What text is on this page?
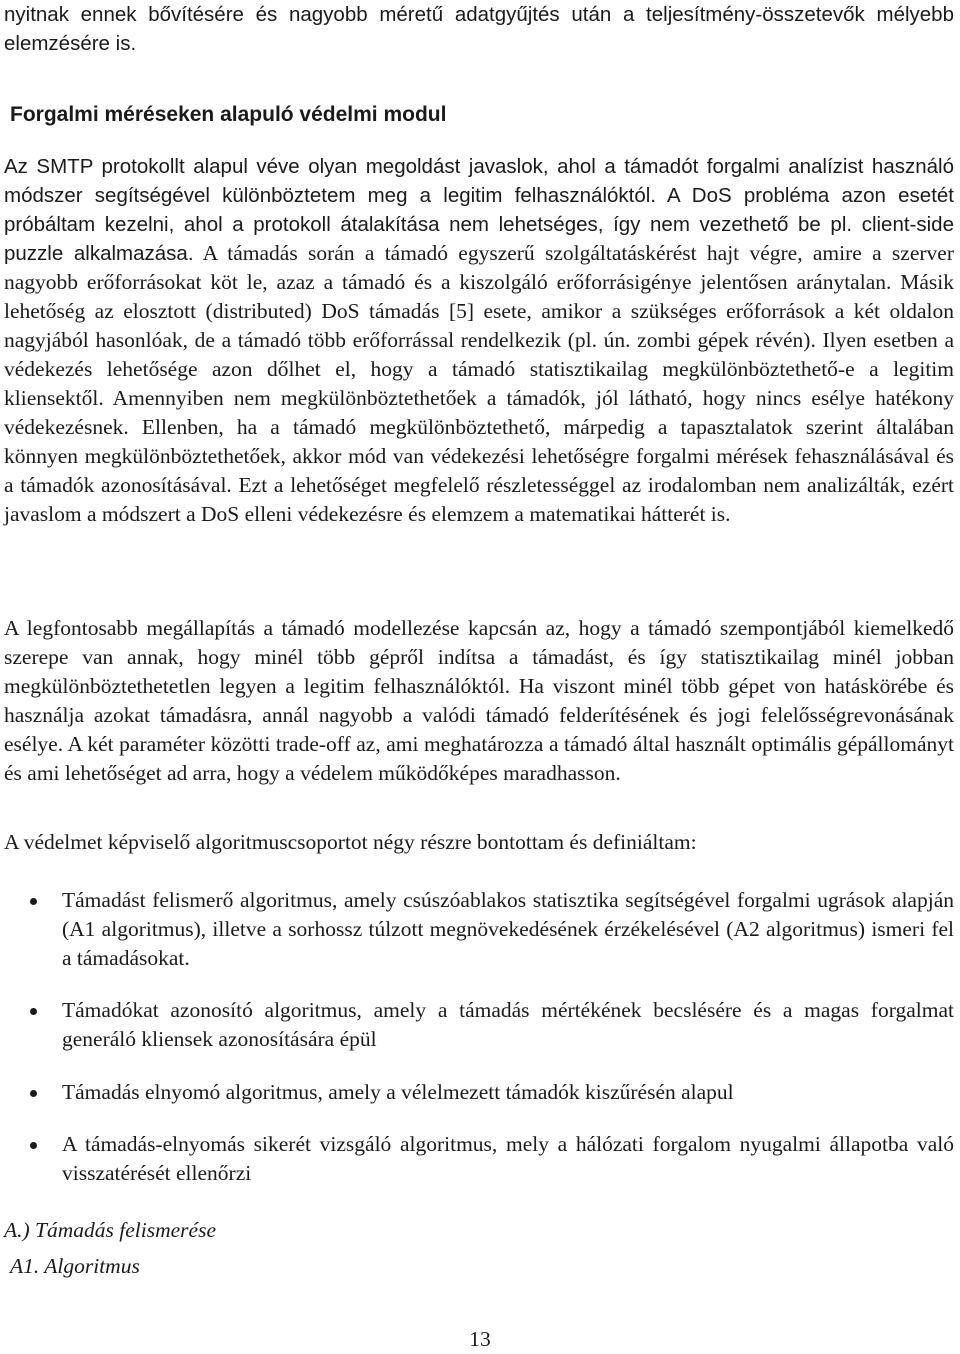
nyitnak ennek bővítésére és nagyobb méretű adatgyűjtés után a teljesítmény-összetevők mélyebb elemzésére is.

Forgalmi méréseken alapuló védelmi modul

Az SMTP protokollt alapul véve olyan megoldást javaslok, ahol a támadót forgalmi analízist használó módszer segítségével különböztetem meg a legitim felhasználóktól. A DoS probléma azon esetét próbáltam kezelni, ahol a protokoll átalakítása nem lehetséges, így nem vezethető be pl. client-side puzzle alkalmazása. A támadás során a támadó egyszerű szolgáltatáskérést hajt végre, amire a szerver nagyobb erőforrásokat köt le, azaz a támadó és a kiszolgáló erőforrásigénye jelentősen aránytalan. Másik lehetőség az elosztott (distributed) DoS támadás [5] esete, amikor a szükséges erőforrások a két oldalon nagyjából hasonlóak, de a támadó több erőforrással rendelkezik (pl. ún. zombi gépek révén). Ilyen esetben a védekezés lehetősége azon dőlhet el, hogy a támadó statisztikailag megkülönböztethető-e a legitim kliensektől. Amennyiben nem megkülönböztethetőek a támadók, jól látható, hogy nincs esélye hatékony védekezésnek. Ellenben, ha a támadó megkülönböztethető, márpedig a tapasztalatok szerint általában könnyen megkülönböztethetőek, akkor mód van védekezési lehetőségre forgalmi mérések fehasználásával és a támadók azonosításával. Ezt a lehetőséget megfelelő részletességgel az irodalomban nem analizálták, ezért javaslom a módszert a DoS elleni védekezésre és elemzem a matematikai hátterét is.

A legfontosabb megállapítás a támadó modellezése kapcsán az, hogy a támadó szempontjából kiemelkedő szerepe van annak, hogy minél több gépről indítsa a támadást, és így statisztikailag minél jobban megkülönböztethetetlen legyen a legitim felhasználóktól. Ha viszont minél több gépet von hatáskörébe és használja azokat támadásra, annál nagyobb a valódi támadó felderítésének és jogi felelősségrevonásának esélye. A két paraméter közötti trade-off az, ami meghatározza a támadó által használt optimális gépállományt és ami lehetőséget ad arra, hogy a védelem működőképes maradhasson.

A védelmet képviselő algoritmuscsoportot négy részre bontottam és definiáltam:

Támadást felismerő algoritmus, amely csúszóablakos statisztika segítségével forgalmi ugrások alapján (A1 algoritmus), illetve a sorhossz túlzott megnövekedésének érzékelésével (A2 algoritmus) ismeri fel a támadásokat.

Támadókat azonosító algoritmus, amely a támadás mértékének becslésére és a magas forgalmat generáló kliensek azonosítására épül

Támadás elnyomó algoritmus, amely a vélelmezett támadók kiszűrésén alapul

A támadás-elnyomás sikerét vizsgáló algoritmus, mely a hálózati forgalom nyugalmi állapotba való visszatérését ellenőrzi

A.) Támadás felismerése
A1. Algoritmus
13
